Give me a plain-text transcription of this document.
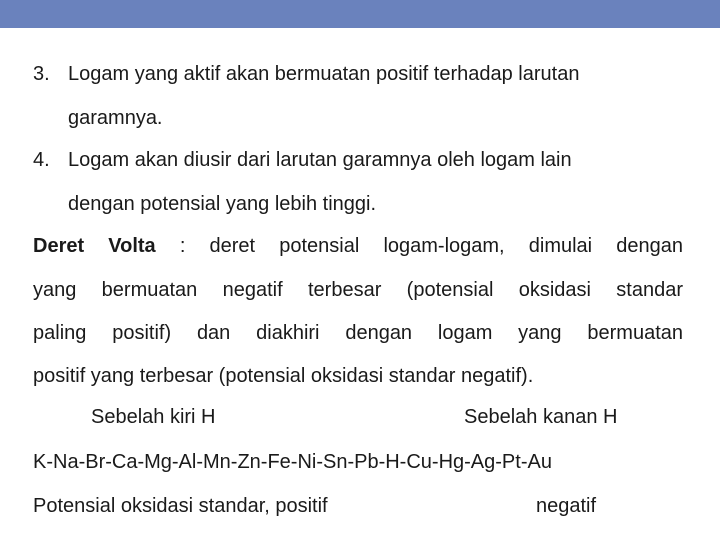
3. Logam yang aktif akan bermuatan positif terhadap larutan
garamnya.
4. Logam akan diusir dari larutan garamnya oleh logam lain
dengan potensial yang lebih tinggi.
Deret Volta : deret potensial logam-logam, dimulai dengan
yang bermuatan negatif terbesar (potensial oksidasi standar
paling positif) dan diakhiri dengan logam yang bermuatan
positif yang terbesar (potensial oksidasi standar negatif).
Sebelah kiri H	Sebelah kanan H
K-Na-Br-Ca-Mg-Al-Mn-Zn-Fe-Ni-Sn-Pb-H-Cu-Hg-Ag-Pt-Au
Potensial oksidasi standar, positif	negatif
